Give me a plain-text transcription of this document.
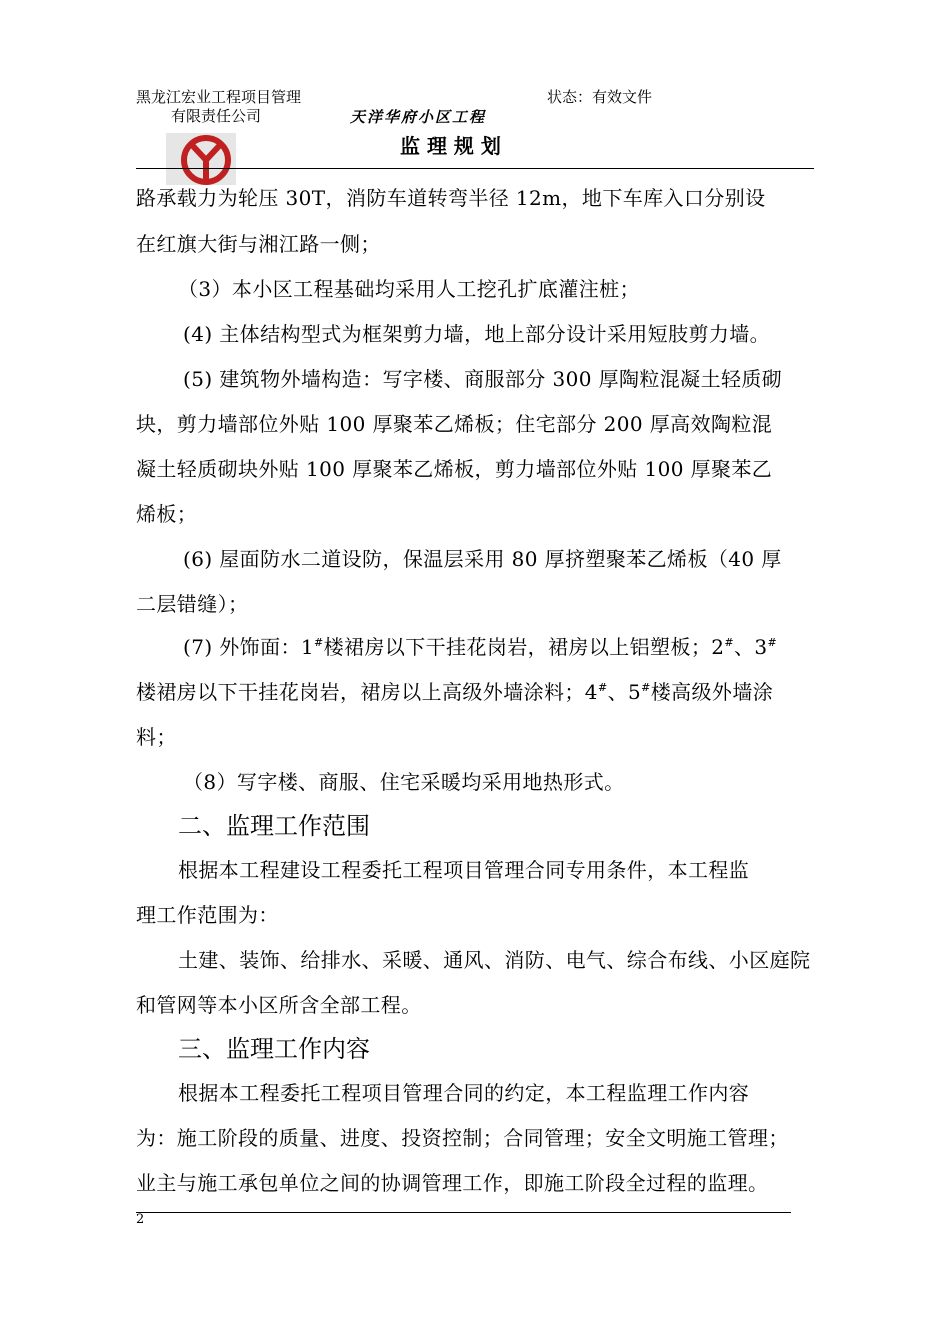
黑龙江宏业工程项目管理
有限责任公司	天洋华府小区工程
监 理 规 划
状态：有效文件
路承载力为轮压 30T，消防车道转弯半径 12m，地下车库入口分别设
在红旗大街与湘江路一侧；
（3）本小区工程基础均采用人工挖孔扩底灌注桩；
(4) 主体结构型式为框架剪力墙，地上部分设计采用短肢剪力墙。
(5) 建筑物外墙构造：写字楼、商服部分 300 厚陶粒混凝土轻质砌
块，剪力墙部位外贴 100 厚聚苯乙烯板；住宅部分 200 厚高效陶粒混
凝土轻质砌块外贴 100 厚聚苯乙烯板，剪力墙部位外贴 100 厚聚苯乙
烯板；
(6) 屋面防水二道设防，保温层采用 80 厚挤塑聚苯乙烯板（40 厚
二层错缝）；
(7) 外饰面：1#楼裙房以下干挂花岗岩，裙房以上铝塑板；2#、3#
楼裙房以下干挂花岗岩，裙房以上高级外墙涂料；4#、5#楼高级外墙涂
料；
（8）写字楼、商服、住宅采暖均采用地热形式。
二、监理工作范围
根据本工程建设工程委托工程项目管理合同专用条件，本工程监
理工作范围为：
土建、装饰、给排水、采暖、通风、消防、电气、综合布线、小区庭院
和管网等本小区所含全部工程。
三、监理工作内容
根据本工程委托工程项目管理合同的约定，本工程监理工作内容
为：施工阶段的质量、进度、投资控制；合同管理；安全文明施工管理；
业主与施工承包单位之间的协调管理工作，即施工阶段全过程的监理。
2
